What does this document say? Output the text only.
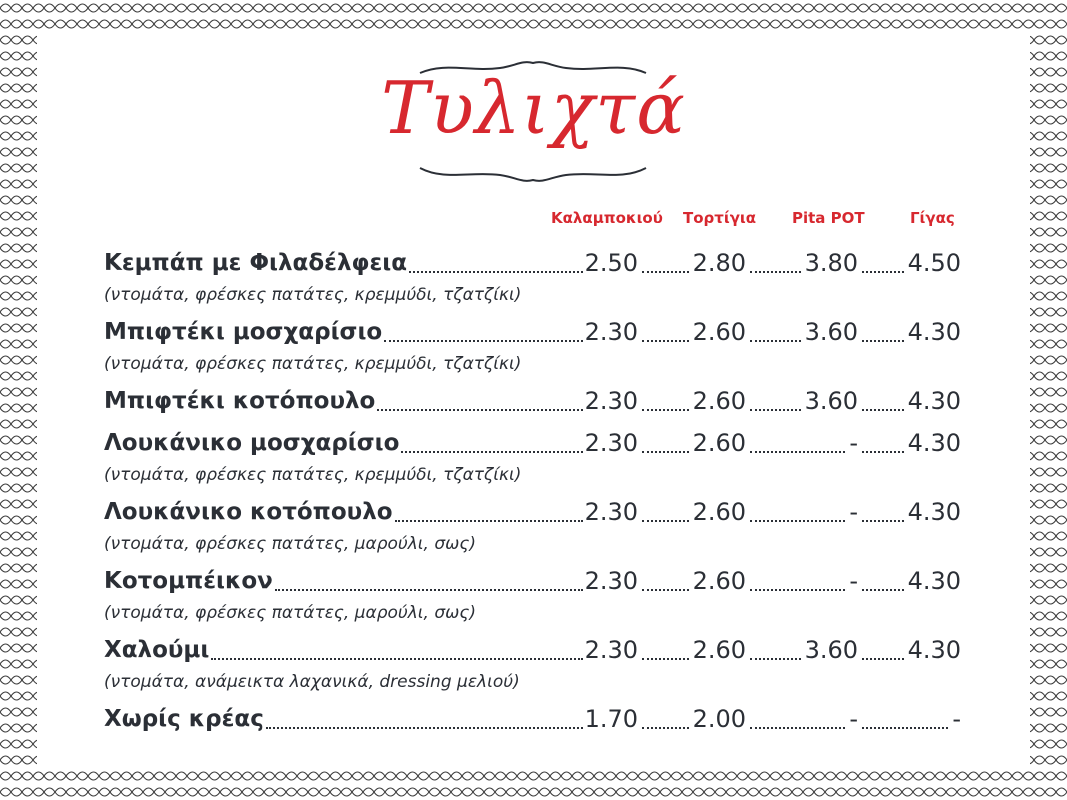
Τυλιχτά
Καλαμποκιού Τορτίγια Pita POT	Γίγας
Κεμπάπ με Φιλαδέλφεια	2.50 2.80 3.80 4.50
(ντομάτα, φρέσκες πατάτες, κρεμμύδι, τζατζίκι)
Μπιφτέκι μοσχαρίσιο	2.30 2.60 3.60 4.30
(ντομάτα, φρέσκες πατάτες, κρεμμύδι, τζατζίκι)
Μπιφτέκι κοτόπουλο	2.30 2.60 3.60 4.30
Λουκάνικο μοσχαρίσιο	2.30 2.60	- 4.30
(ντομάτα, φρέσκες πατάτες, κρεμμύδι, τζατζίκι)
Λουκάνικο κοτόπουλο	2.30 2.60	- 4.30
(ντομάτα, φρέσκες πατάτες, μαρούλι, σως)
Κοτομπέικον	2.30 2.60	- 4.30
(ντομάτα, φρέσκες πατάτες, μαρούλι, σως)
Χαλούμι	2.30 2.60 3.60 4.30
(ντομάτα, ανάμεικτα λαχανικά, dressing μελιού)
Χωρίς κρέας	1.70 2.00	-	-
